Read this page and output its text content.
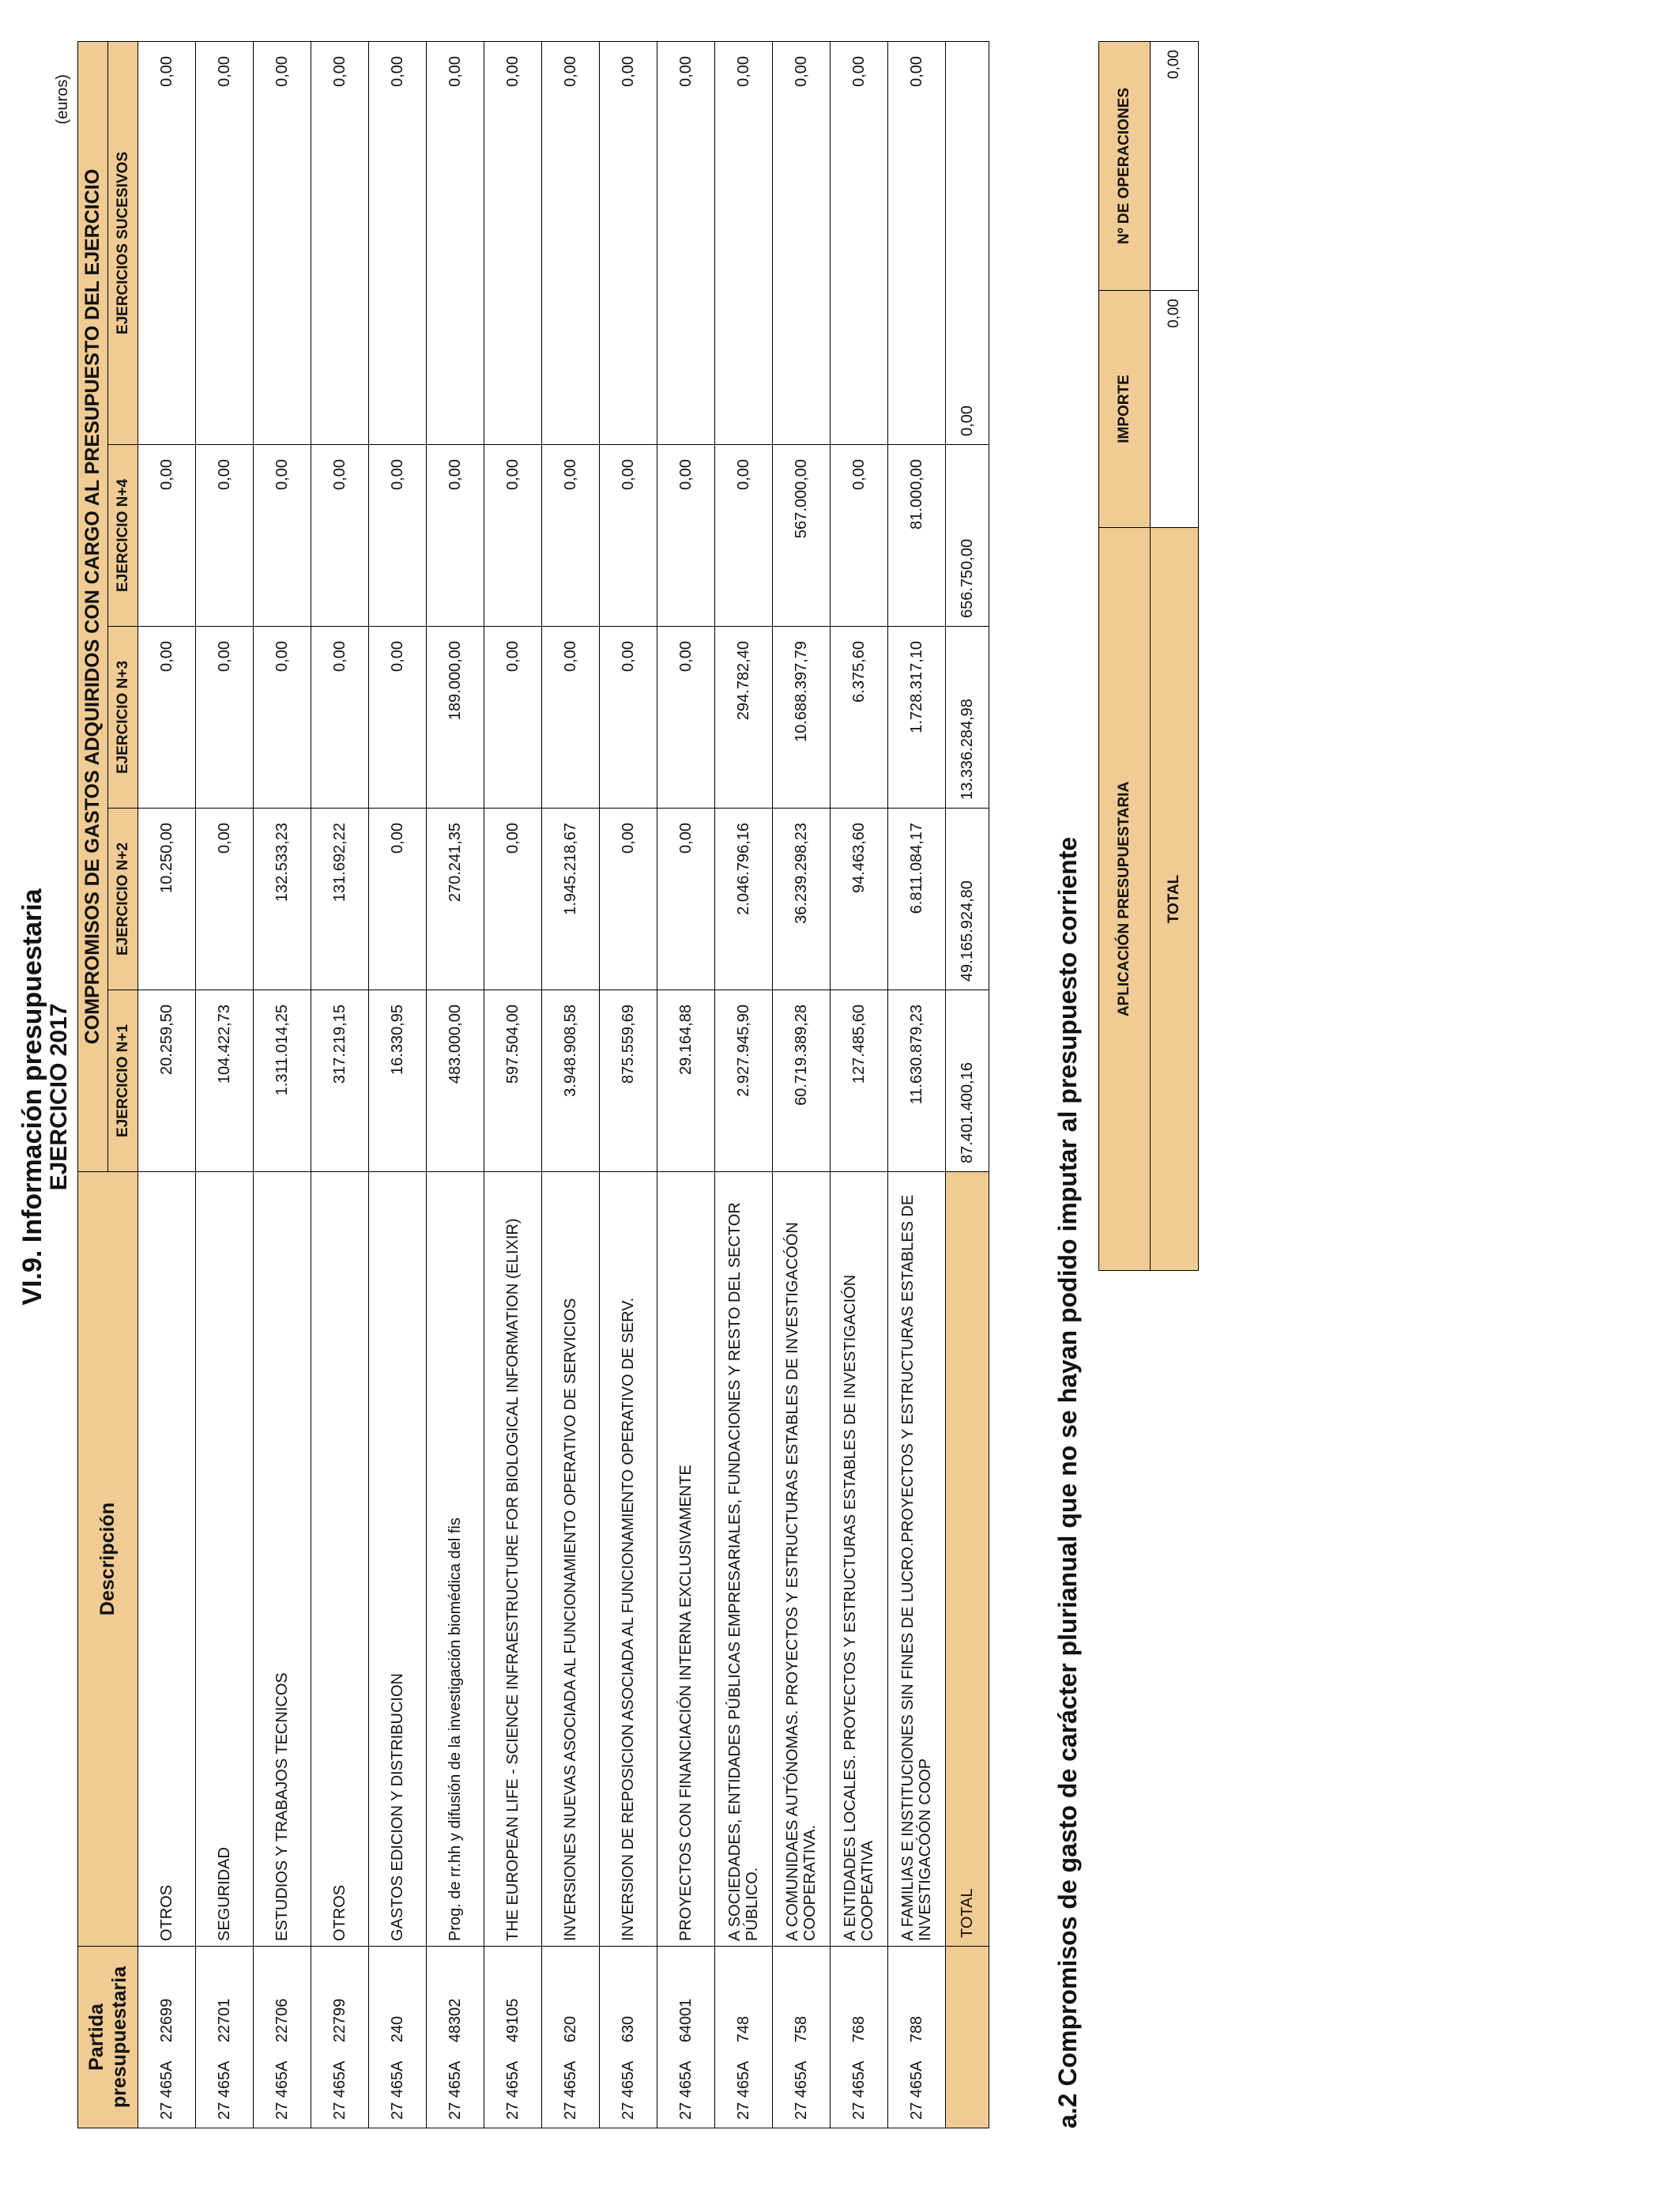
VI.9. Información presupuestaria
EJERCICIO 2017
(euros)
Partida presupuestaria	Descripción	COMPROMISOS DE GASTOS ADQUIRIDOS CON CARGO AL PRESUPUESTO DEL EJERCICIO				
		EJERCICIO N+1	EJERCICIO N+2	EJERCICIO N+3	EJERCICIO N+4	EJERCICIOS SUCESIVOS
27 465A22699	OTROS	20.259,50	10.250,00	0,00	0,00	0,00
27 465A22701	SEGURIDAD	104.422,73	0,00	0,00	0,00	0,00
27 465A22706	ESTUDIOS Y TRABAJOS TECNICOS	1.311.014,25	132.533,23	0,00	0,00	0,00
27 465A22799	OTROS	317.219,15	131.692,22	0,00	0,00	0,00
27 465A240	GASTOS EDICION Y DISTRIBUCION	16.330,95	0,00	0,00	0,00	0,00
27 465A48302	Prog. de rr.hh y difusión de la investigación biomédica del fis	483.000,00	270.241,35	189.000,00	0,00	0,00
27 465A49105	THE EUROPEAN LIFE - SCIENCE INFRAESTRUCTURE FOR BIOLOGICAL INFORMATION (ELIXIR)	597.504,00	0,00	0,00	0,00	0,00
27 465A620	INVERSIONES NUEVAS ASOCIADA AL FUNCIONAMIENTO OPERATIVO DE SERVICIOS	3.948.908,58	1.945.218,67	0,00	0,00	0,00
27 465A630	INVERSION DE REPOSICION ASOCIADA AL FUNCIONAMIENTO OPERATIVO DE SERV.	875.559,69	0,00	0,00	0,00	0,00
27 465A64001	PROYECTOS CON FINANCIACIÓN INTERNA EXCLUSIVAMENTE	29.164,88	0,00	0,00	0,00	0,00
27 465A748	A SOCIEDADES, ENTIDADES PÚBLICAS EMPRESARIALES, FUNDACIONES Y RESTO DEL SECTOR PÚBLICO.	2.927.945,90	2.046.796,16	294.782,40	0,00	0,00
27 465A758	A COMUNIDAES AUTÓNOMAS. PROYECTOS Y ESTRUCTURAS ESTABLES DE INVESTIGACÓÓN COOPERATIVA.	60.719.389,28	36.239.298,23	10.688.397,79	567.000,00	0,00
27 465A768	A ENTIDADES LOCALES. PROYECTOS Y ESTRUCTURAS ESTABLES DE INVESTIGACIÓN COOPEATIVA	127.485,60	94.463,60	6.375,60	0,00	0,00
27 465A788	A FAMILIAS E INSTITUCIONES SIN FINES DE LUCRO.PROYECTOS Y ESTRUCTURAS ESTABLES DE INVESTIGACÓÓN COOP	11.630.879,23	6.811.084,17	1.728.317,10	81.000,00	0,00
	TOTAL	87.401.400,16	49.165.924,80	13.336.284,98	656.750,00	0,00
a.2 Compromisos de gasto de carácter plurianual que no se hayan podido imputar al presupuesto corriente APLICACIÓN PRESUPUESTARIA	IMPORTE	Nº DE OPERACIONES
TOTAL	0,00	0,00
